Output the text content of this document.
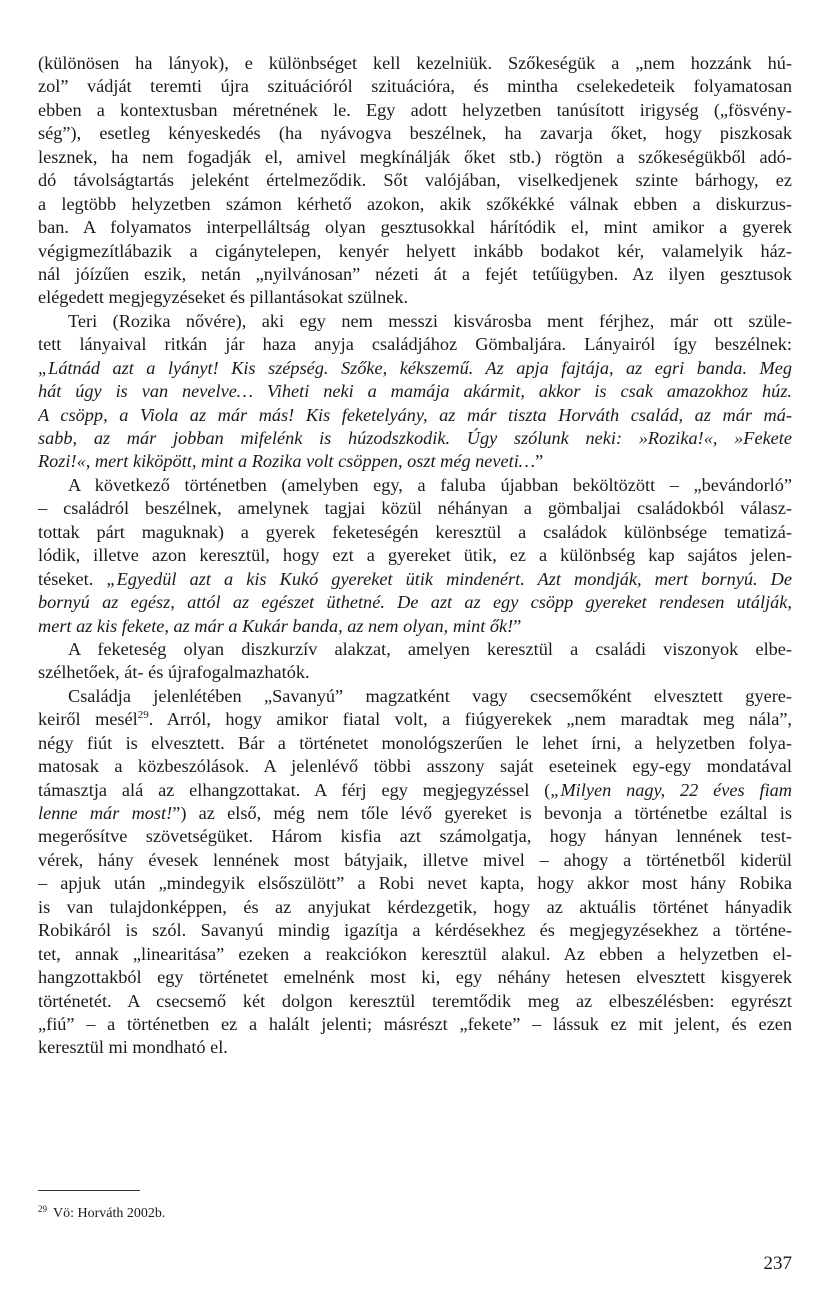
(különösen ha lányok), e különbséget kell kezelniük. Szőkeségük a „nem hozzánk hú-
zol” vádját teremti újra szituációról szituációra, és mintha cselekedeteik folyamatosan
ebben a kontextusban méretnének le. Egy adott helyzetben tanúsított irigység („fösvény-
ség”), esetleg kényeskedés (ha nyávogva beszélnek, ha zavarja őket, hogy piszkosak
lesznek, ha nem fogadják el, amivel megkínálják őket stb.) rögtön a szőkeségükből adó-
dó távolságtartás jeleként értelmeződik. Sőt valójában, viselkedjenek szinte bárhogy, ez
a legtöbb helyzetben számon kérhető azokon, akik szőkékké válnak ebben a diskurzus-
ban. A folyamatos interpelláltság olyan gesztusokkal hárítódik el, mint amikor a gyerek
végigmezítlábazik a cigánytelepen, kenyér helyett inkább bodakot kér, valamelyik ház-
nál jóízűen eszik, netán „nyilvánosan” nézeti át a fejét tetűügyben. Az ilyen gesztusok
elégedett megjegyzéseket és pillantásokat szülnek.
Teri (Rozika nővére), aki egy nem messzi kisvárosba ment férjhez, már ott szüle-
tett lányaival ritkán jár haza anyja családjához Gömbaljára. Lányairól így beszélnek:
„Látnád azt a lyányt! Kis szépség. Szőke, kékszemű. Az apja fajtája, az egri banda. Meg
hát úgy is van nevelve… Viheti neki a mamája akármit, akkor is csak amazokhoz húz.
A csöpp, a Viola az már más! Kis feketelyány, az már tiszta Horváth család, az már má-
sabb, az már jobban mifelénk is húzodszkodik. Úgy szólunk neki: »Rozika!«, »Fekete
Rozi!«, mert kiköpött, mint a Rozika volt csöppen, oszt még neveti…”
A következő történetben (amelyben egy, a faluba újabban beköltözött – „bevándorló”
– családról beszélnek, amelynek tagjai közül néhányan a gömbaljai családokból válasz-
tottak párt maguknak) a gyerek feketeségén keresztül a családok különbsége tematizá-
lódik, illetve azon keresztül, hogy ezt a gyereket ütik, ez a különbség kap sajátos jelen-
téseket. „Egyedül azt a kis Kukó gyereket ütik mindenért. Azt mondják, mert bornyú. De
bornyú az egész, attól az egészet üthetné. De azt az egy csöpp gyereket rendesen utálják,
mert az kis fekete, az már a Kukár banda, az nem olyan, mint ők!”
A feketeség olyan diszkurzív alakzat, amelyen keresztül a családi viszonyok elbe-
szélhetőek, át- és újrafogalmazhatók.
Családja jelenlétében „Savanyú” magzatként vagy csecsemőként elvesztett gyere-
keiről mesél$^{29}$. Arról, hogy amikor fiatal volt, a fiúgyerekek „nem maradtak meg nála”,
négy fiút is elvesztett. Bár a történetet monológszerűen le lehet írni, a helyzetben folya-
matosak a közbeszólások. A jelenlévő többi asszony saját eseteinek egy-egy mondatával
támasztja alá az elhangzottakat. A férj egy megjegyzéssel („Milyen nagy, 22 éves fiam
lenne már most!”) az első, még nem tőle lévő gyereket is bevonja a történetbe ezáltal is
megerősítve szövetségüket. Három kisfia azt számolgatja, hogy hányan lennének test-
vérek, hány évesek lennének most bátyjaik, illetve mivel – ahogy a történetből kiderül
– apjuk után „mindegyik elsőszülött” a Robi nevet kapta, hogy akkor most hány Robika
is van tulajdonképpen, és az anyjukat kérdezgetik, hogy az aktuális történet hányadik
Robikáról is szól. Savanyú mindig igazítja a kérdésekhez és megjegyzésekhez a történe-
tet, annak „linearitása” ezeken a reakciókon keresztül alakul. Az ebben a helyzetben el-
hangzottakból egy történetet emelnénk most ki, egy néhány hetesen elvesztett kisgyerek
történetét. A csecsemő két dolgon keresztül teremtődik meg az elbeszélésben: egyrészt
„fiú” – a történetben ez a halált jelenti; másrészt „fekete” – lássuk ez mit jelent, és ezen
keresztül mi mondható el.
$^{29}$ Vö: Horváth 2002b.
237
